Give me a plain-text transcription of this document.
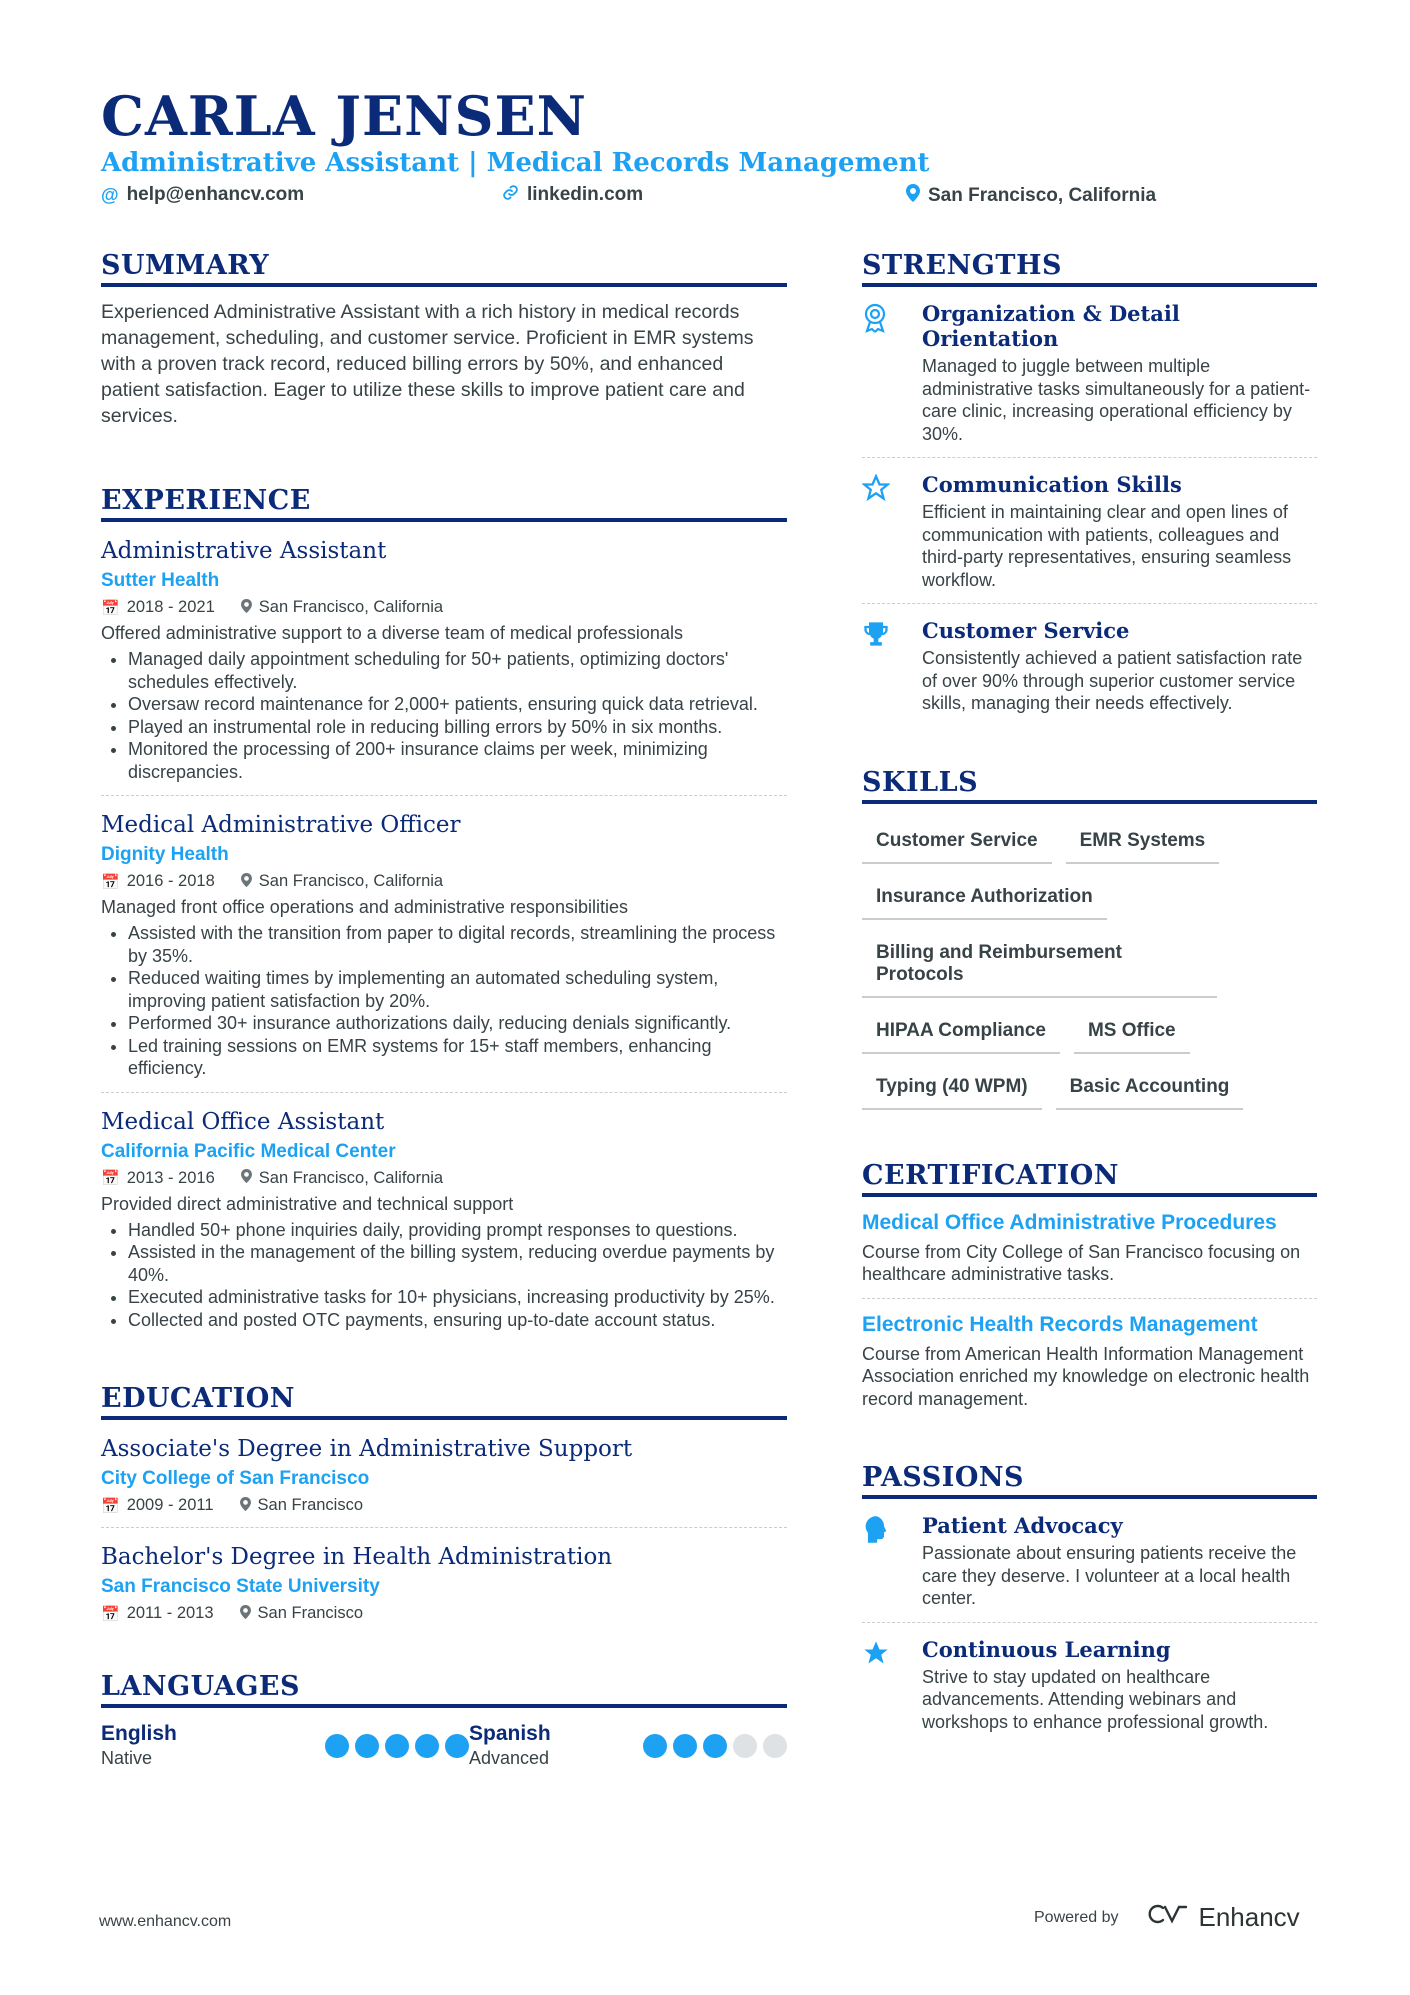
CARLA JENSEN
Administrative Assistant | Medical Records Management
@ help@enhancv.com	linkedin.com	San Francisco, California
SUMMARY
Experienced Administrative Assistant with a rich history in medical records management, scheduling, and customer service. Proficient in EMR systems with a proven track record, reduced billing errors by 50%, and enhanced patient satisfaction. Eager to utilize these skills to improve patient care and services.
EXPERIENCE
Administrative Assistant
Sutter Health
📅 2018 - 2021	San Francisco, California
Offered administrative support to a diverse team of medical professionals
• Managed daily appointment scheduling for 50+ patients, optimizing doctors' schedules effectively.
• Oversaw record maintenance for 2,000+ patients, ensuring quick data retrieval.
• Played an instrumental role in reducing billing errors by 50% in six months.
• Monitored the processing of 200+ insurance claims per week, minimizing discrepancies.
Medical Administrative Officer
Dignity Health
📅 2016 - 2018	San Francisco, California
Managed front office operations and administrative responsibilities
• Assisted with the transition from paper to digital records, streamlining the process by 35%.
• Reduced waiting times by implementing an automated scheduling system, improving patient satisfaction by 20%.
• Performed 30+ insurance authorizations daily, reducing denials significantly.
• Led training sessions on EMR systems for 15+ staff members, enhancing efficiency.
Medical Office Assistant
California Pacific Medical Center
📅 2013 - 2016	San Francisco, California
Provided direct administrative and technical support
• Handled 50+ phone inquiries daily, providing prompt responses to questions.
• Assisted in the management of the billing system, reducing overdue payments by 40%.
• Executed administrative tasks for 10+ physicians, increasing productivity by 25%.
• Collected and posted OTC payments, ensuring up-to-date account status.
EDUCATION
Associate's Degree in Administrative Support
City College of San Francisco
📅 2009 - 2011	San Francisco
Bachelor's Degree in Health Administration
San Francisco State University
📅 2011 - 2013	San Francisco
LANGUAGES
English
Native
Spanish
Advanced
STRENGTHS
Organization & Detail Orientation
Managed to juggle between multiple administrative tasks simultaneously for a patient-care clinic, increasing operational efficiency by 30%.
Communication Skills
Efficient in maintaining clear and open lines of communication with patients, colleagues and third-party representatives, ensuring seamless workflow.
Customer Service
Consistently achieved a patient satisfaction rate of over 90% through superior customer service skills, managing their needs effectively.
SKILLS
Customer Service	EMR Systems
Insurance Authorization
Billing and Reimbursement Protocols
HIPAA Compliance	MS Office
Typing (40 WPM)	Basic Accounting
CERTIFICATION
Medical Office Administrative Procedures
Course from City College of San Francisco focusing on healthcare administrative tasks.
Electronic Health Records Management
Course from American Health Information Management Association enriched my knowledge on electronic health record management.
PASSIONS
Patient Advocacy
Passionate about ensuring patients receive the care they deserve. I volunteer at a local health center.
Continuous Learning
Strive to stay updated on healthcare advancements. Attending webinars and workshops to enhance professional growth.
www.enhancv.com	Powered by	Enhancv
